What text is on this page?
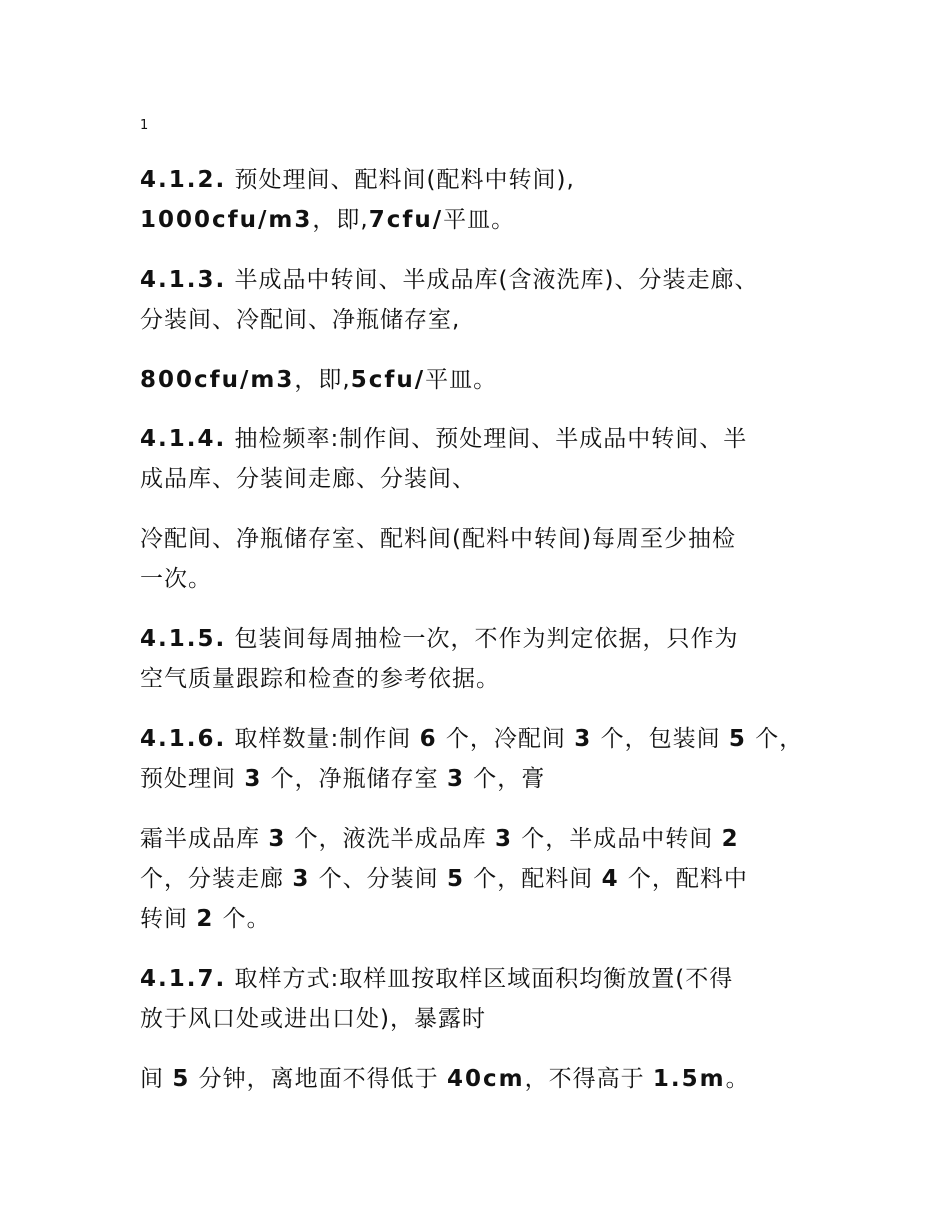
1
4.1.2. 预处理间、配料间(配料中转间),
1000cfu/m3，即,7cfu/平皿。
4.1.3. 半成品中转间、半成品库(含液洗库)、分装走廊、
分装间、冷配间、净瓶储存室,
800cfu/m3，即,5cfu/平皿。
4.1.4. 抽检频率:制作间、预处理间、半成品中转间、半
成品库、分装间走廊、分装间、
冷配间、净瓶储存室、配料间(配料中转间)每周至少抽检
一次。
4.1.5. 包装间每周抽检一次，不作为判定依据，只作为
空气质量跟踪和检查的参考依据。
4.1.6. 取样数量:制作间 6 个，冷配间 3 个，包装间 5 个，
预处理间 3 个，净瓶储存室 3 个，膏
霜半成品库 3 个，液洗半成品库 3 个，半成品中转间 2
个，分装走廊 3 个、分装间 5 个，配料间 4 个，配料中
转间 2 个。
4.1.7. 取样方式:取样皿按取样区域面积均衡放置(不得
放于风口处或进出口处)，暴露时
间 5 分钟，离地面不得低于 40cm，不得高于 1.5m。
